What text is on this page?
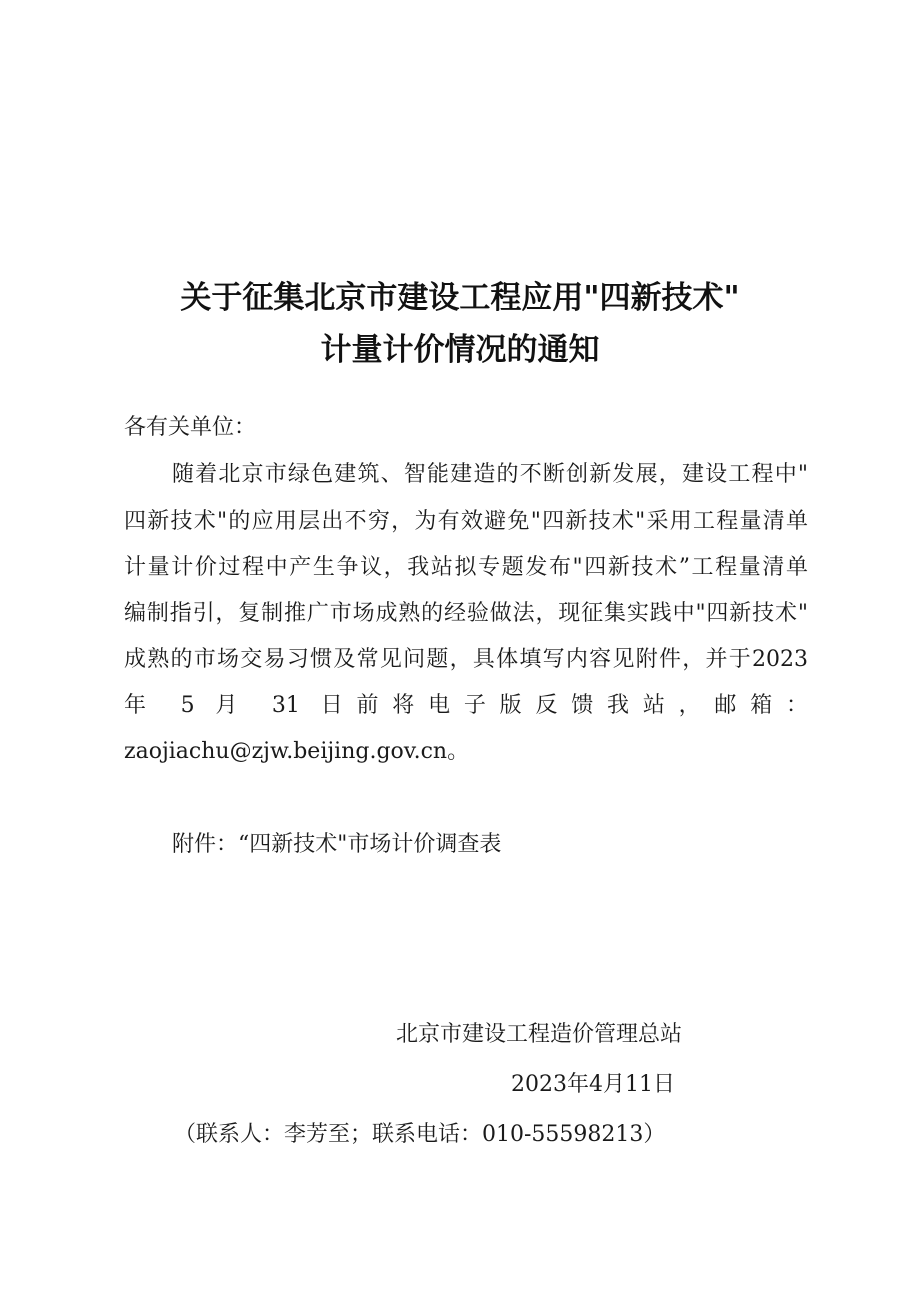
关于征集北京市建设工程应用"四新技术"
计量计价情况的通知

各有关单位：

随着北京市绿色建筑、智能建造的不断创新发展，建设工程中"

四新技术"的应用层出不穷，为有效避免"四新技术"采用工程量清单

计量计价过程中产生争议，我站拟专题发布"四新技术”工程量清单

编制指引，复制推广市场成熟的经验做法，现征集实践中"四新技术"

成熟的市场交易习惯及常见问题，具体填写内容见附件，并于2023

年 5 月 31 日前将电子版反馈我站，邮箱：

zaojiachu@zjw.beijing.gov.cn。

附件：“四新技术"市场计价调查表

北京市建设工程造价管理总站

2023年4月11日

（联系人：李芳至；联系电话：010-55598213）
